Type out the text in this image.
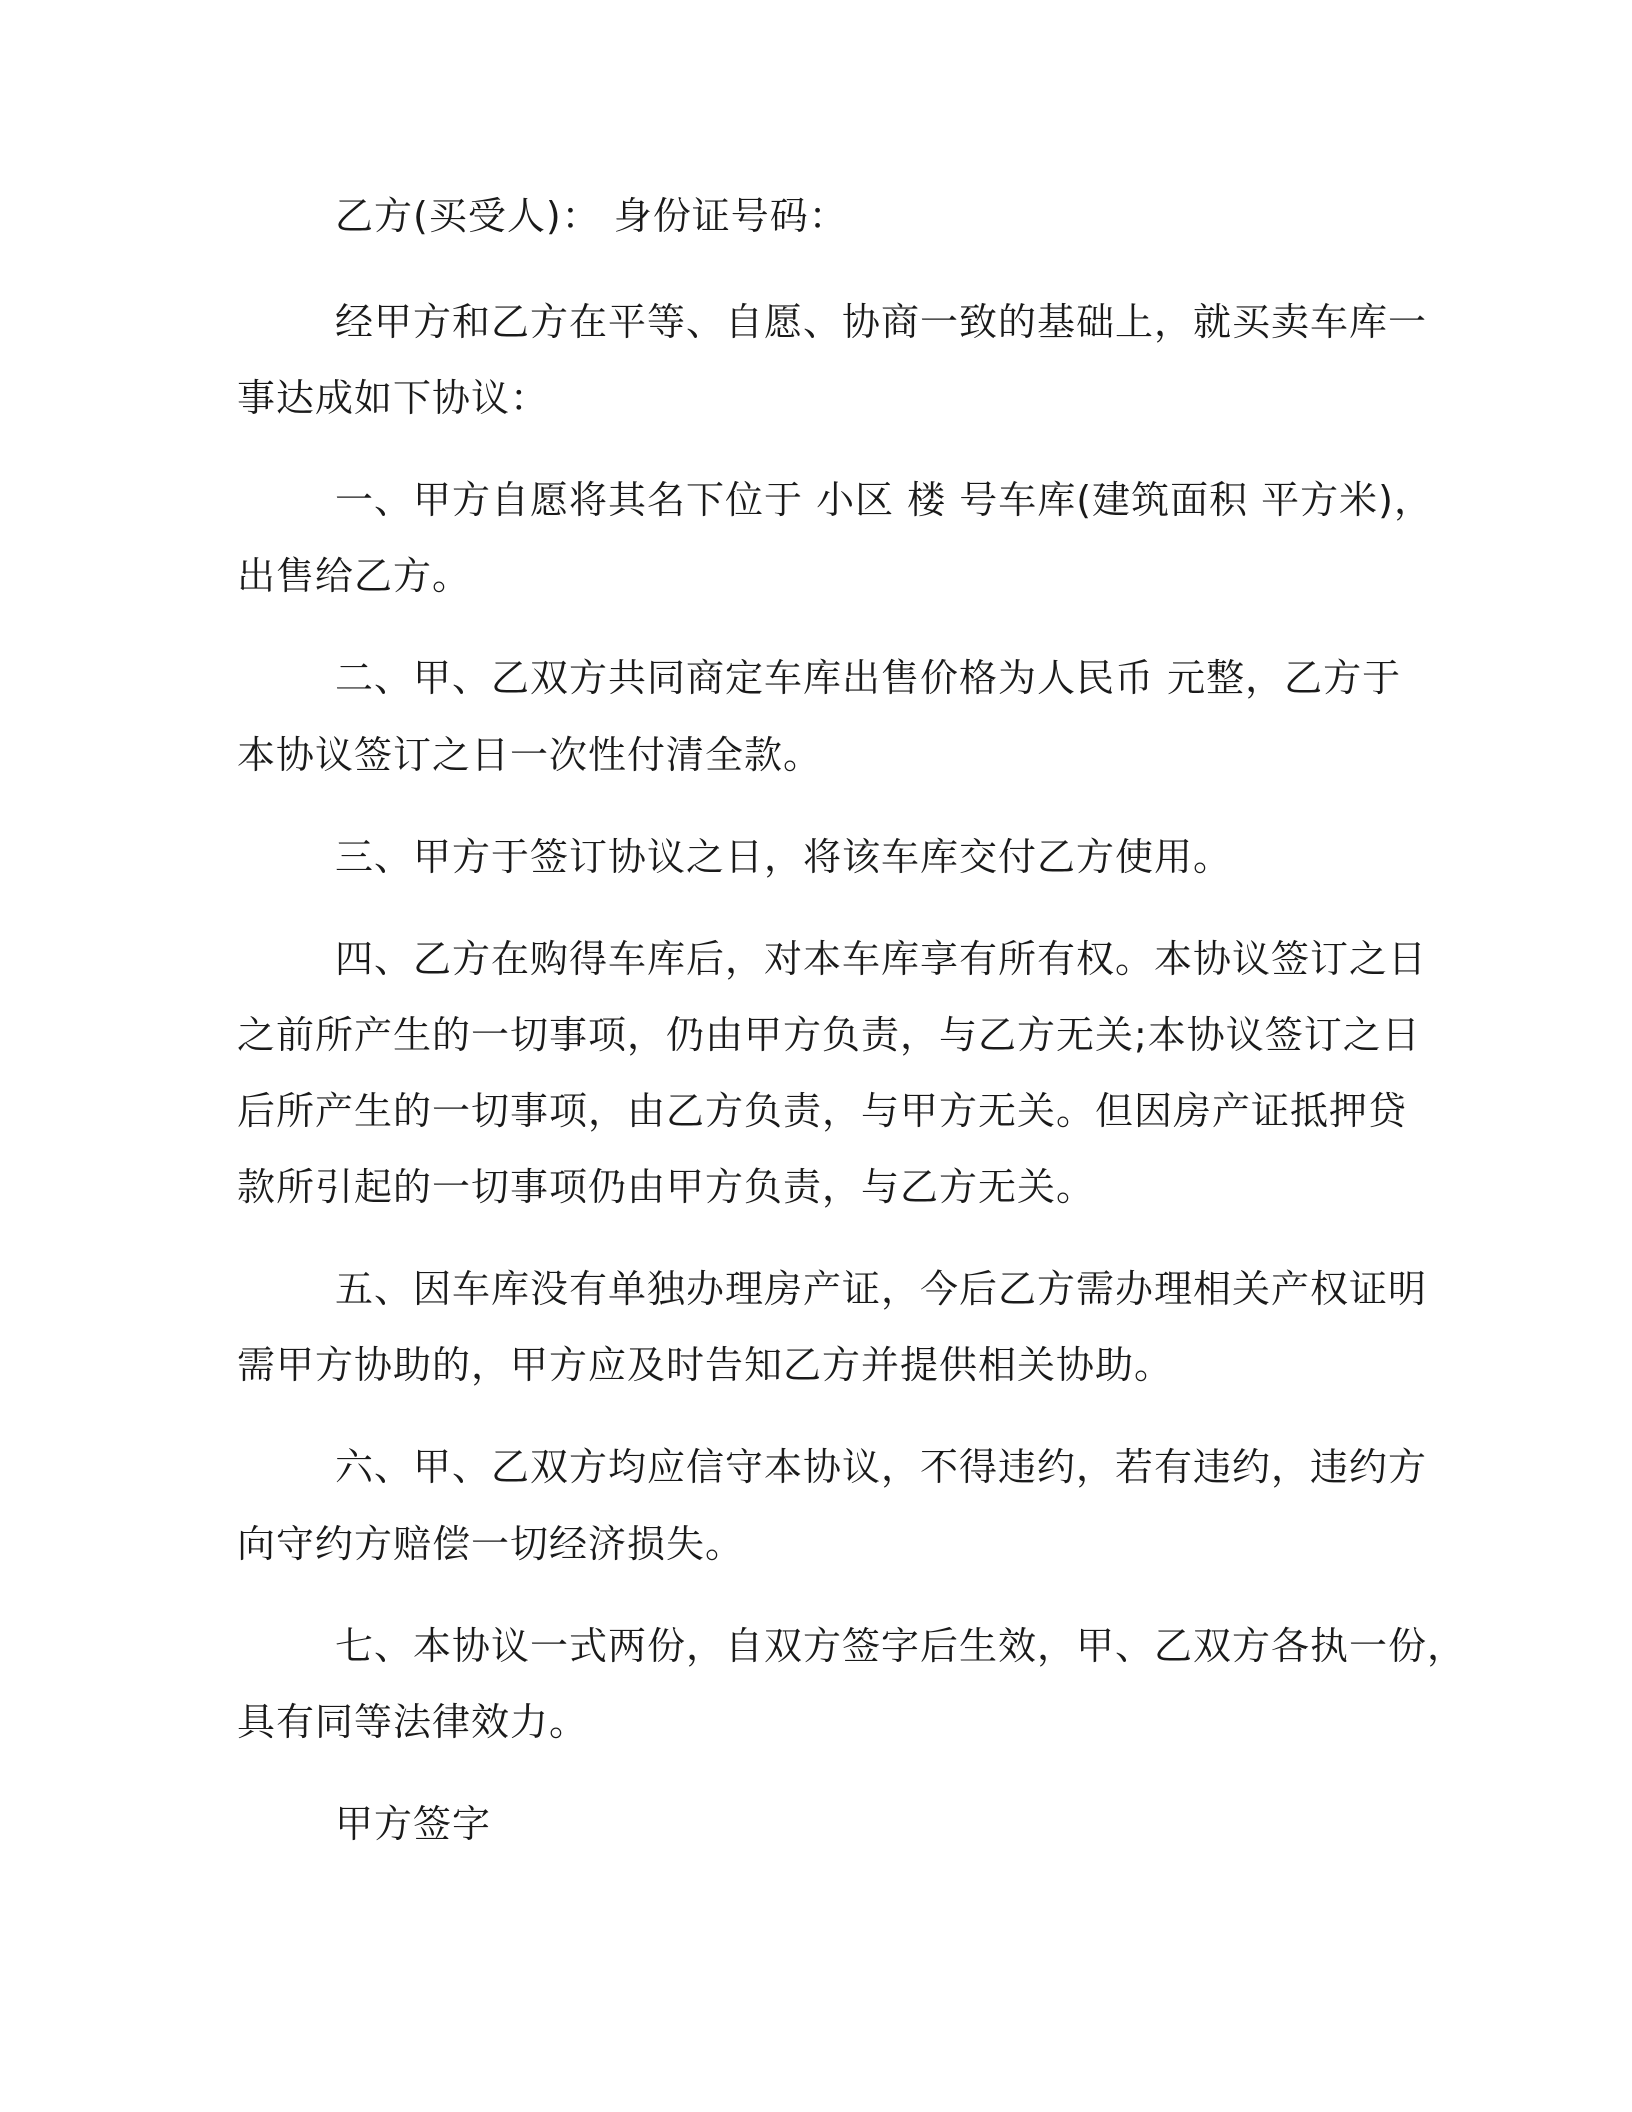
乙方(买受人)： 身份证号码：

经甲方和乙方在平等、自愿、协商一致的基础上，就买卖车库一

事达成如下协议：

一、甲方自愿将其名下位于 小区 楼 号车库(建筑面积 平方米)，

出售给乙方。

二、甲、乙双方共同商定车库出售价格为人民币 元整，乙方于

本协议签订之日一次性付清全款。

三、甲方于签订协议之日，将该车库交付乙方使用。

四、乙方在购得车库后，对本车库享有所有权。本协议签订之日

之前所产生的一切事项，仍由甲方负责，与乙方无关;本协议签订之日

后所产生的一切事项，由乙方负责，与甲方无关。但因房产证抵押贷

款所引起的一切事项仍由甲方负责，与乙方无关。

五、因车库没有单独办理房产证，今后乙方需办理相关产权证明

需甲方协助的，甲方应及时告知乙方并提供相关协助。

六、甲、乙双方均应信守本协议，不得违约，若有违约，违约方

向守约方赔偿一切经济损失。

七、本协议一式两份，自双方签字后生效，甲、乙双方各执一份，

具有同等法律效力。

甲方签字
